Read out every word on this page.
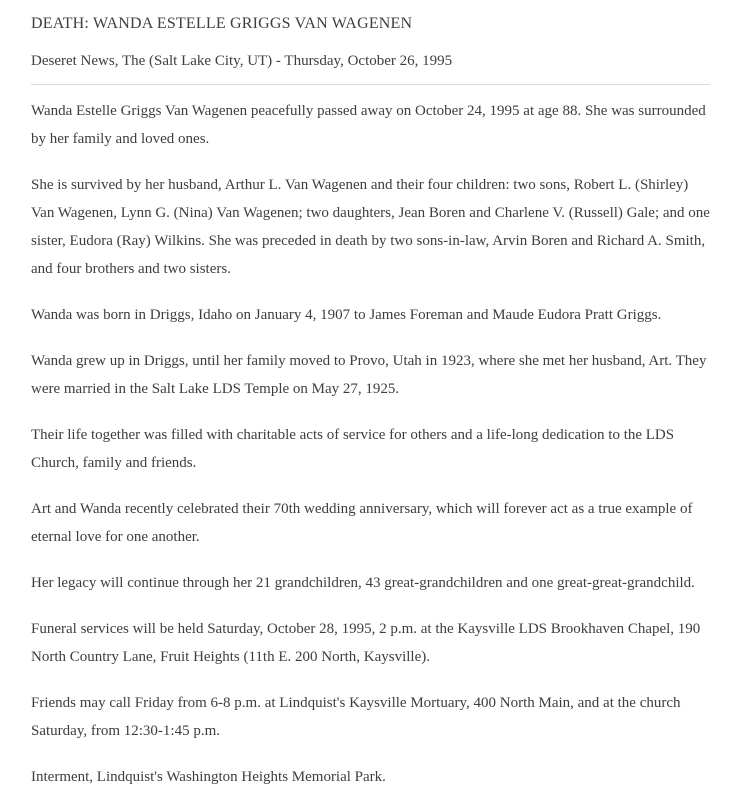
DEATH: WANDA ESTELLE GRIGGS VAN WAGENEN

Deseret News, The (Salt Lake City, UT) - Thursday, October 26, 1995

Wanda Estelle Griggs Van Wagenen peacefully passed away on October 24, 1995 at age 88. She was surrounded by her family and loved ones.

She is survived by her husband, Arthur L. Van Wagenen and their four children: two sons, Robert L. (Shirley) Van Wagenen, Lynn G. (Nina) Van Wagenen; two daughters, Jean Boren and Charlene V. (Russell) Gale; and one sister, Eudora (Ray) Wilkins. She was preceded in death by two sons-in-law, Arvin Boren and Richard A. Smith, and four brothers and two sisters.

Wanda was born in Driggs, Idaho on January 4, 1907 to James Foreman and Maude Eudora Pratt Griggs.

Wanda grew up in Driggs, until her family moved to Provo, Utah in 1923, where she met her husband, Art. They were married in the Salt Lake LDS Temple on May 27, 1925.

Their life together was filled with charitable acts of service for others and a life-long dedication to the LDS Church, family and friends.

Art and Wanda recently celebrated their 70th wedding anniversary, which will forever act as a true example of eternal love for one another.

Her legacy will continue through her 21 grandchildren, 43 great-grandchildren and one great-great-grandchild.

Funeral services will be held Saturday, October 28, 1995, 2 p.m. at the Kaysville LDS Brookhaven Chapel, 190 North Country Lane, Fruit Heights (11th E. 200 North, Kaysville).

Friends may call Friday from 6-8 p.m. at Lindquist's Kaysville Mortuary, 400 North Main, and at the church Saturday, from 12:30-1:45 p.m.

Interment, Lindquist's Washington Heights Memorial Park.
